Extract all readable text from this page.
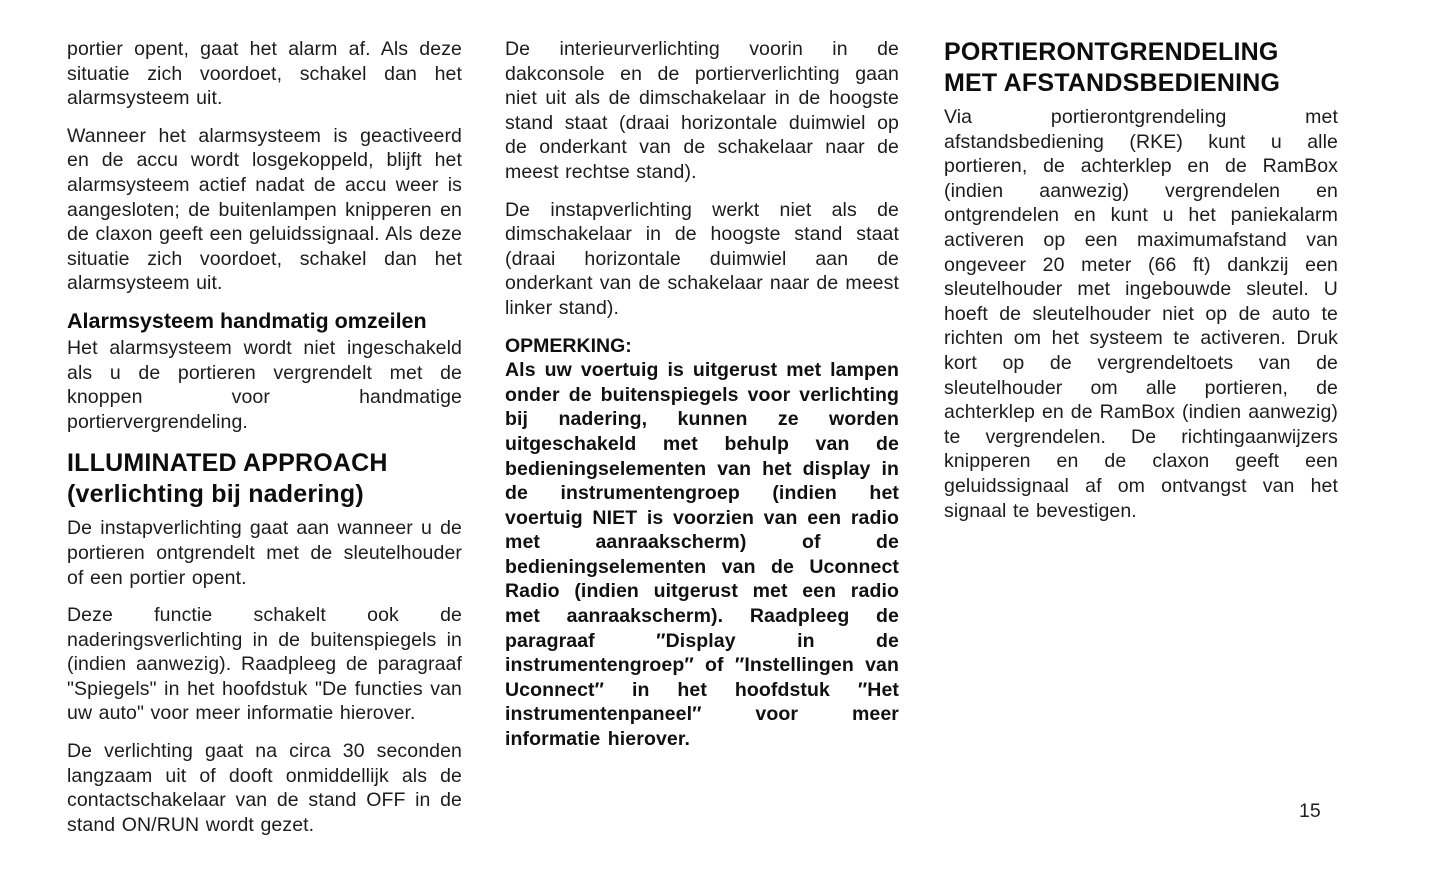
portier opent, gaat het alarm af. Als deze situatie zich voordoet, schakel dan het alarmsysteem uit.

Wanneer het alarmsysteem is geactiveerd en de accu wordt losgekoppeld, blijft het alarmsysteem actief nadat de accu weer is aangesloten; de buitenlampen knipperen en de claxon geeft een geluidssignaal. Als deze situatie zich voordoet, schakel dan het alarmsysteem uit.

Alarmsysteem handmatig omzeilen

Het alarmsysteem wordt niet ingeschakeld als u de portieren vergrendelt met de knoppen voor handmatige portiervergrendeling.

ILLUMINATED APPROACH (verlichting bij nadering)

De instapverlichting gaat aan wanneer u de portieren ontgrendelt met de sleutelhouder of een portier opent.

Deze functie schakelt ook de naderingsverlichting in de buitenspiegels in (indien aanwezig). Raadpleeg de paragraaf "Spiegels" in het hoofdstuk "De functies van uw auto" voor meer informatie hierover.

De verlichting gaat na circa 30 seconden langzaam uit of dooft onmiddellijk als de contactschakelaar van de stand OFF in de stand ON/RUN wordt gezet.

De interieurverlichting voorin in de dakconsole en de portierverlichting gaan niet uit als de dimschakelaar in de hoogste stand staat (draai horizontale duimwiel op de onderkant van de schakelaar naar de meest rechtse stand).

De instapverlichting werkt niet als de dimschakelaar in de hoogste stand staat (draai horizontale duimwiel aan de onderkant van de schakelaar naar de meest linker stand).

OPMERKING:

Als uw voertuig is uitgerust met lampen onder de buitenspiegels voor verlichting bij nadering, kunnen ze worden uitgeschakeld met behulp van de bedieningselementen van het display in de instrumentengroep (indien het voertuig NIET is voorzien van een radio met aanraakscherm) of de bedieningselementen van de Uconnect Radio (indien uitgerust met een radio met aanraakscherm). Raadpleeg de paragraaf ″Display in de instrumentengroep″ of ″Instellingen van Uconnect″ in het hoofdstuk ″Het instrumentenpaneel″ voor meer informatie hierover.

PORTIERONTGRENDELING MET AFSTANDSBEDIENING

Via portierontgrendeling met afstandsbediening (RKE) kunt u alle portieren, de achterklep en de RamBox (indien aanwezig) vergrendelen en ontgrendelen en kunt u het paniekalarm activeren op een maximumafstand van ongeveer 20 meter (66 ft) dankzij een sleutelhouder met ingebouwde sleutel. U hoeft de sleutelhouder niet op de auto te richten om het systeem te activeren. Druk kort op de vergrendeltoets van de sleutelhouder om alle portieren, de achterklep en de RamBox (indien aanwezig) te vergrendelen. De richtingaanwijzers knipperen en de claxon geeft een geluidssignaal af om ontvangst van het signaal te bevestigen.

15
